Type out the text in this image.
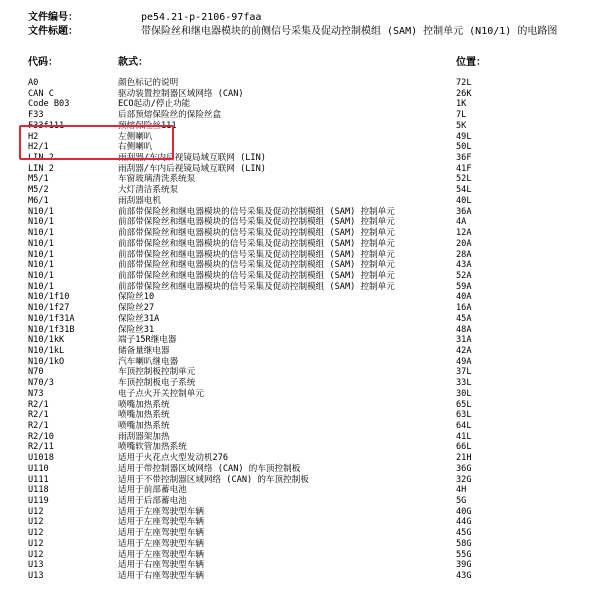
文件编号：	pe54.21-p-2106-97faa
文件标题：	带保险丝和继电器模块的前侧信号采集及促动控制模组 (SAM) 控制单元 (N10/1) 的电路图
代码：	款式：	位置：
A0	颜色标记的说明	72L
CAN C	驱动装置控制器区域网络 (CAN)	26K
Code B03	ECO起动/停止功能	1K
F33	后部预熔保险丝的保险丝盒	7L
F33f111	预熔保险丝111	5K
H2	左侧喇叭	49L
H2/1	右侧喇叭	50L
LIN 2	雨刮器/车内后视镜局域互联网 (LIN)	36F
LIN 2	雨刮器/车内后视镜局域互联网 (LIN)	41F
M5/1	车窗玻璃清洗系统泵	52L
M5/2	大灯清洁系统泵	54L
M6/1	雨刮器电机	40L
N10/1	前部带保险丝和继电器模块的信号采集及促动控制模组 (SAM) 控制单元	36A
N10/1	前部带保险丝和继电器模块的信号采集及促动控制模组 (SAM) 控制单元	4A
N10/1	前部带保险丝和继电器模块的信号采集及促动控制模组 (SAM) 控制单元	12A
N10/1	前部带保险丝和继电器模块的信号采集及促动控制模组 (SAM) 控制单元	20A
N10/1	前部带保险丝和继电器模块的信号采集及促动控制模组 (SAM) 控制单元	28A
N10/1	前部带保险丝和继电器模块的信号采集及促动控制模组 (SAM) 控制单元	43A
N10/1	前部带保险丝和继电器模块的信号采集及促动控制模组 (SAM) 控制单元	52A
N10/1	前部带保险丝和继电器模块的信号采集及促动控制模组 (SAM) 控制单元	59A
N10/1f10	保险丝10	40A
N10/1f27	保险丝27	16A
N10/1f31A	保险丝31A	45A
N10/1f31B	保险丝31	48A
N10/1kK	端子15R继电器	31A
N10/1kL	储备量继电器	42A
N10/1kO	汽车喇叭继电器	49A
N70	车顶控制板控制单元	37L
N70/3	车顶控制板电子系统	33L
N73	电子点火开关控制单元	30L
R2/1	喷嘴加热系统	65L
R2/1	喷嘴加热系统	63L
R2/1	喷嘴加热系统	64L
R2/10	雨刮器架加热	41L
R2/11	喷嘴软管加热系统	66L
U1018	适用于火花点火型发动机276	21H
U110	适用于带控制器区域网络 (CAN) 的车顶控制板	36G
U111	适用于不带控制器区域网络 (CAN) 的车顶控制板	32G
U118	适用于前部蓄电池	4H
U119	适用于后部蓄电池	5G
U12	适用于左座驾驶型车辆	40G
U12	适用于左座驾驶型车辆	44G
U12	适用于左座驾驶型车辆	45G
U12	适用于左座驾驶型车辆	58G
U12	适用于左座驾驶型车辆	55G
U13	适用于右座驾驶型车辆	39G
U13	适用于右座驾驶型车辆	43G
